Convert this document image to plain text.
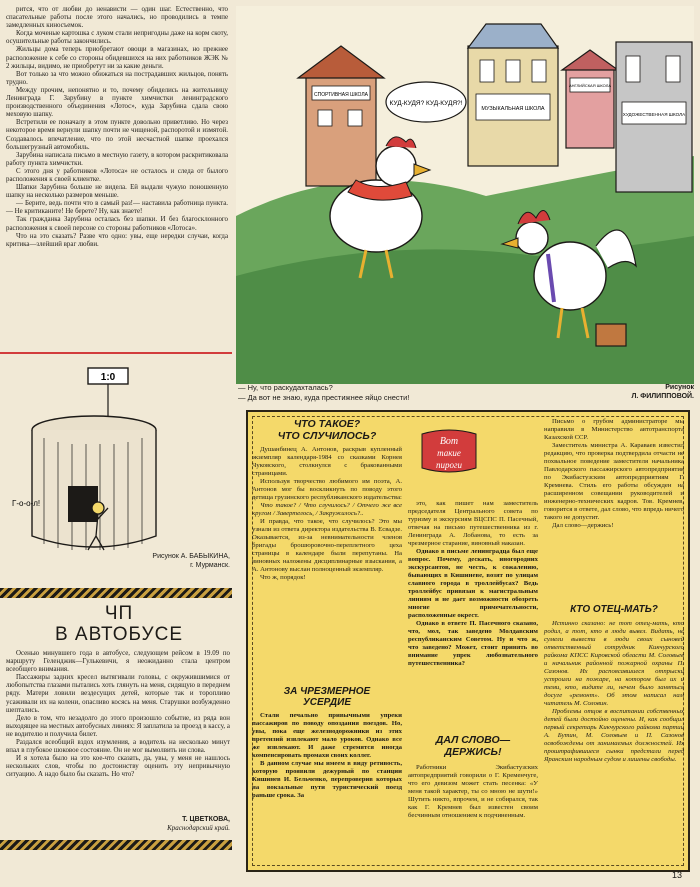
рится, что от любви до ненависти — один шаг. Естественно, что спасательные работы после этого начались, но проводились в темпе замедленных киносъемок.

Когда моченые картошка с луком стали непригодны даже на корм скоту, осушительные работы закончились.

Жильцы дома теперь приобретают овощи в магазинах, но прежнее расположение к себе со стороны обидевшихся на них работников ЖЭК № 2 жильцы, видимо, не приобретут ни за какие деньги.

Вот только за что можно обижаться на пострадавших жильцов, понять трудно.

Между прочим, непонятно и то, почему обиделись на жительницу Ленинграда Г. Зарубину в пункте химчистки ленинградского производственного объединения «Лотос», куда Зарубина сдала свою меховую шапку.

Встретили ее поначалу в этом пункте довольно приветливо. Но через некоторое время вернули шапку почти не чищеной, распоротой и измятой. Создавалось впечатление, что по этой несчастной шапке проехался большегрузный автомобиль.

Зарубина написала письмо в местную газету, в котором раскритиковала работу пункта химчистки.

С этого дня у работников «Лотоса» не осталось и следа от былого расположения к своей клиентке.

Шапки Зарубина больше не видела. Ей выдали чужую поношенную шапку на несколько размеров меньше.

— Берите, ведь почти что в самый раз!— наставила работница пункта.— Не критиканите! Не берете? Ну, как знаете!

Так гражданка Зарубина осталась без шапки. И без благосклонного расположения к своей персоне со стороны работников «Лотоса».

Что на это сказать? Разве что одно: увы, еще нередки случаи, когда критика—злейший враг любви.

1:0
Г-о-о-л!
Рисунок А. БАБЫКИНА,
г. Мурманск.
ЧП
В АВТОБУСЕ

Осенью минувшего года в автобусе, следующем рейсом в 19.09 по маршруту Геленджик—Гулькевичи, я неожиданно стала центром всеобщего внимания.

Пассажиры задних кресел вытягивали головы, с окружившимися от любопытства глазами пытались хоть глянуть на меня, сидящую в переднем ряду. Матери ловили вездесущих детей, которые так и торопливо усаживали их на колени, опасливо косясь на меня. Старушки возбужденно шептались.

Дело в том, что незадолго до этого произошло событие, из ряда вон выходящее на местных автобусных линиях: Я заплатила за проезд в кассу, а не водителю и получила билет.

Раздался всеобщий вздох изумления, а водитель на несколько минут впал в глубокое шоковое состояние. Он не мог вымолвить ни слова.

И я хотела было на это кое-что сказать, да, увы, у меня не нашлось нескольких слов, чтобы по достоинству оценить эту непривычную ситуацию. А надо было бы сказать. Но что?

Т. ЦВЕТКОВА,
Краснодарский край.
СПОРТИВНАЯ ШКОЛА
МУЗЫКАЛЬНАЯ ШКОЛА
АНГЛИЙСКАЯ ШКОЛА
ХУДОЖЕСТВЕННАЯ ШКОЛА
КУД-КУДЯ? КУД-КУДЯ?!
— Ну, что раскудахталась?
— Да вот не знаю, куда престижнее яйцо снести!
Рисунок
Л. ФИЛИППОВОЙ.
ЧТО ТАКОЕ?
ЧТО СЛУЧИЛОСЬ?	Вот
такие
пироги

Душанбинец А. Антонов, раскрыв купленный экземпляр календаря-1984 со сказками Корнея Чуковского, столкнулся с бракованными страницами.

Используя творчество любимого им поэта, А. Антонов мог бы воскликнуть по поводу этого детища грузинского республиканского издательства:

Что такое? / Что случилось? / Отчего же все кругом / Завертелось, / Закружилось?..

И правда, что такое, что случилось? Это мы узнали из ответа директора издательства В. Есвадзе. Оказывается, из-за невнимательности членов бригады брошюровочно-переплетного цеха страницы в календаре были перепутаны. На виновных наложены дисциплинарные взыскания, а А. Антонову выслан полноценный экземпляр.

Что ж, порядок!

ЗА ЧРЕЗМЕРНОЕ
УСЕРДИЕ

Стали печально привычными упреки пассажиров по поводу опоздания поездов. Но, увы, пока еще железнодорожники из этих претензий извлекают мало уроков. Однако все же извлекают. И даже стремятся иногда компенсировать промахи своих коллег.

В данном случае мы имеем в виду ретивость, которую проявили дежурный по станции Кишинев И. Бельченко, перепроверив которых на вокзальные пути туристический поезд раньше срока. За

это, как пишет нам заместитель председателя Центрального совета по туризму и экскурсиям ВЦСПС П. Пасечный, отвечая на письмо путешественника из г. Ленинграда А. Лобанова, то есть за чрезмерное старание, виновный наказан.

Однако в письме ленинградца был еще вопрос. Почему, дескать, иногородних экскурсантов, не честь, к сожалению, бывающих в Кишиневе, возят по улицам славного города в троллейбусах? Ведь троллейбус привязан к магистральным линиям и не дает возможности обозреть многие примечательности, расположенные окрест.

Однако в ответе П. Пасечного сказано, что, мол, так заведено Молдавским республиканским Советом. Ну и что ж, что заведено? Может, стоит принять во внимание упрек любознательного путешественника?

ДАЛ СЛОВО—
ДЕРЖИСЬ!

Работники Экибастузских автопредприятий говорили о Г. Кременчуге, что его девизом может стать песенка: «У меня такой характер, ты со мною не шути!» Шутить никто, впрочем, и не собирался, так как Г. Кремнев был известен своим бесчинным отношением к подчиненным.

Письмо о грубом администраторе мы направили в Министерство автотранспорта Казахской ССР.

Заместитель министра А. Караваев известил редакцию, что проверка подтвердила отчасти не похвальное поведение заместителя начальника Павлодарского пассажирского автопредприятия по Экибастузским автопредприятиям Г. Кремнева. Стиль его работы обсужден на расширенном совещании руководителей и инженерно-технических кадров. Тов. Кремнев, говорится в ответе, дал слово, что впредь ничего такого не допустит.

Дал слово—держись!

КТО ОТЕЦ-МАТЬ?

Истинно сказано: не тот отец-мать, кто родил, а тот, кто в люди вывел. Видать, не сумели вывести в люди своих сыновей ответственный сотрудник Кикчурского райкома КПСС Кировской области М. Соловьев и начальник районной пожарной охраны П. Сазонов. Их распоясавшиеся отпрыски устроили на пожаре, на котором был их и теми, кто, видите ли, нечем было заняться досуге «ремонт». Об этом написал нам читатель М. Соловин.

Проблемы отцов в воспитании собственных детей были достойно оценены. И, как сообщил первый секретарь Кикчурского райкома партии А. Бутин, М. Соловьев и П. Сазонов освобождены от занимаемых должностей. Их проштрафившиеся сынки предстали перед Яранским народным судом и лишены свободы.

13
